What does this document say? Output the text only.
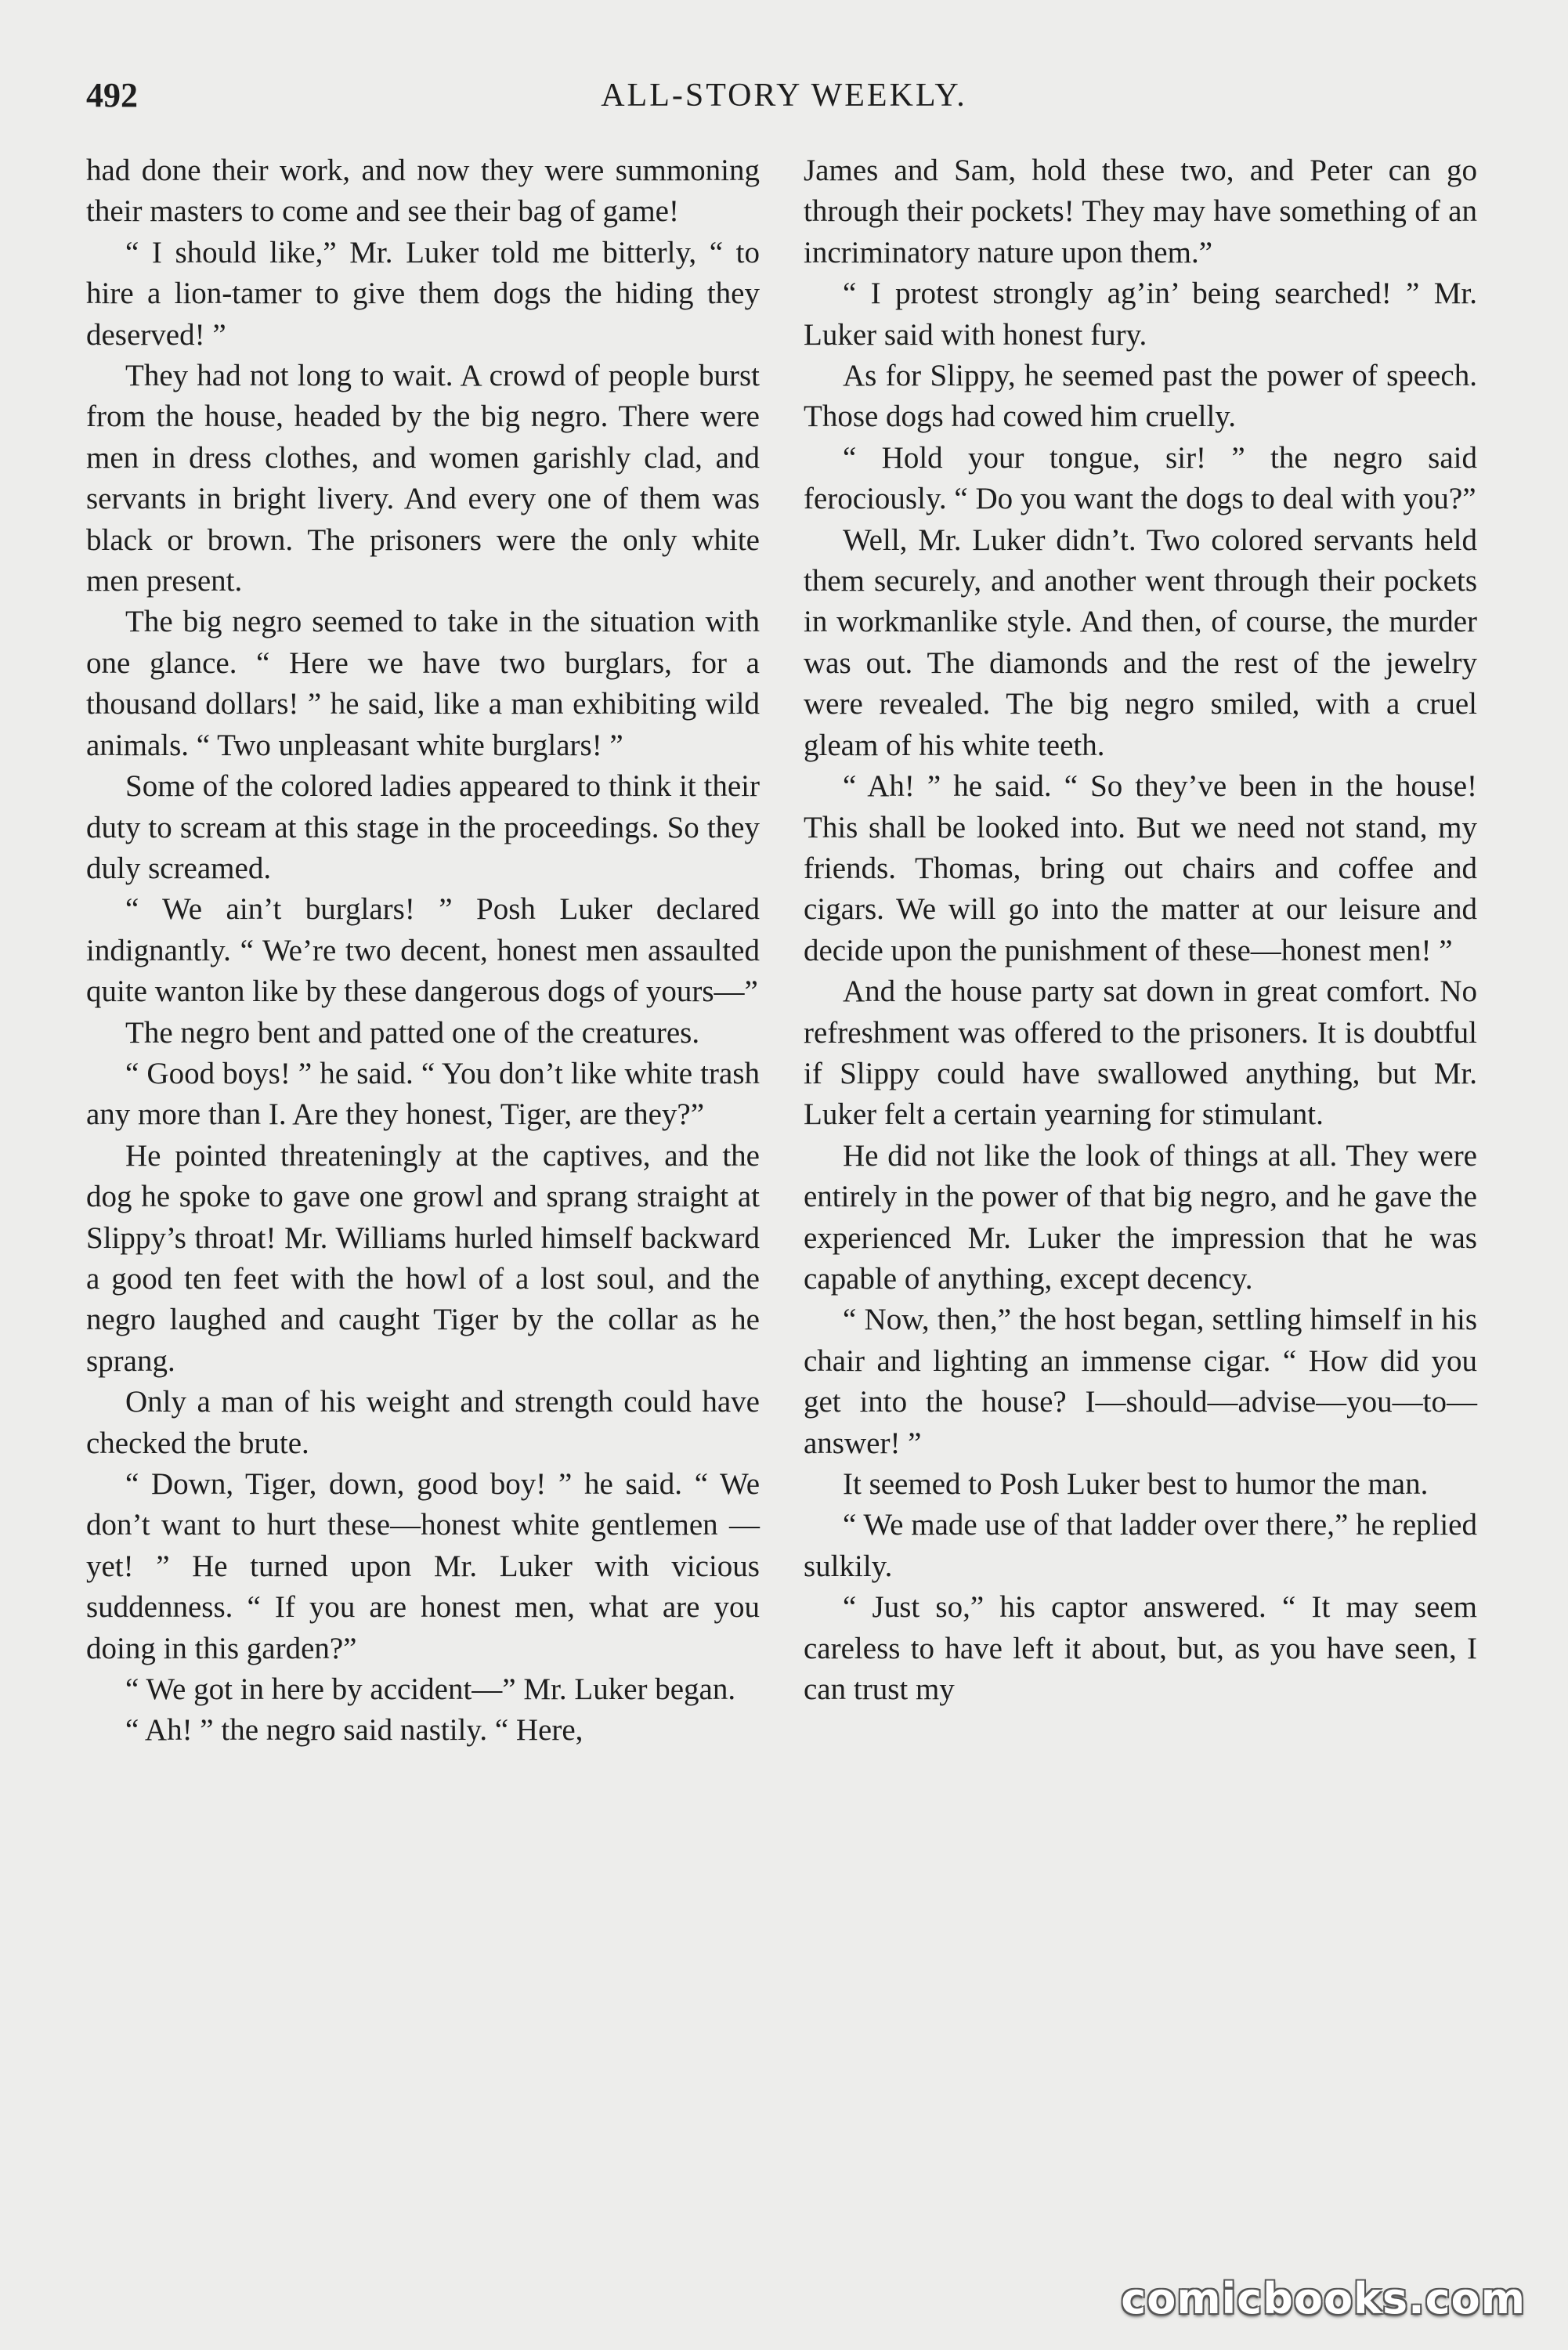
492	ALL-STORY WEEKLY.

had done their work, and now they were summoning their masters to come and see their bag of game!

“ I should like,” Mr. Luker told me bitterly, “ to hire a lion-tamer to give them dogs the hiding they deserved! ”

They had not long to wait. A crowd of people burst from the house, headed by the big negro. There were men in dress clothes, and women garishly clad, and servants in bright livery. And every one of them was black or brown. The prisoners were the only white men present.

The big negro seemed to take in the situation with one glance. “ Here we have two burglars, for a thousand dollars! ” he said, like a man exhibiting wild animals. “ Two unpleasant white burglars! ”

Some of the colored ladies appeared to think it their duty to scream at this stage in the proceedings. So they duly screamed.

“ We ain’t burglars! ” Posh Luker declared indignantly. “ We’re two decent, honest men assaulted quite wanton like by these dangerous dogs of yours—”

The negro bent and patted one of the creatures.

“ Good boys! ” he said. “ You don’t like white trash any more than I. Are they honest, Tiger, are they?”

He pointed threateningly at the captives, and the dog he spoke to gave one growl and sprang straight at Slippy’s throat! Mr. Williams hurled himself backward a good ten feet with the howl of a lost soul, and the negro laughed and caught Tiger by the collar as he sprang.

Only a man of his weight and strength could have checked the brute.

“ Down, Tiger, down, good boy! ” he said. “ We don’t want to hurt these—honest white gentlemen — yet! ” He turned upon Mr. Luker with vicious suddenness. “ If you are honest men, what are you doing in this garden?”

“ We got in here by accident—” Mr. Luker began.

“ Ah! ” the negro said nastily. “ Here,

James and Sam, hold these two, and Peter can go through their pockets! They may have something of an incriminatory nature upon them.”

“ I protest strongly ag’in’ being searched! ” Mr. Luker said with honest fury.

As for Slippy, he seemed past the power of speech. Those dogs had cowed him cruelly.

“ Hold your tongue, sir! ” the negro said ferociously. “ Do you want the dogs to deal with you?”

Well, Mr. Luker didn’t. Two colored servants held them securely, and another went through their pockets in workmanlike style. And then, of course, the murder was out. The diamonds and the rest of the jewelry were revealed. The big negro smiled, with a cruel gleam of his white teeth.

“ Ah! ” he said. “ So they’ve been in the house! This shall be looked into. But we need not stand, my friends. Thomas, bring out chairs and coffee and cigars. We will go into the matter at our leisure and decide upon the punishment of these—honest men! ”

And the house party sat down in great comfort. No refreshment was offered to the prisoners. It is doubtful if Slippy could have swallowed anything, but Mr. Luker felt a certain yearning for stimulant.

He did not like the look of things at all. They were entirely in the power of that big negro, and he gave the experienced Mr. Luker the impression that he was capable of anything, except decency.

“ Now, then,” the host began, settling himself in his chair and lighting an immense cigar. “ How did you get into the house? I—should—advise—you—to—answer! ”

It seemed to Posh Luker best to humor the man.

“ We made use of that ladder over there,” he replied sulkily.

“ Just so,” his captor answered. “ It may seem careless to have left it about, but, as you have seen, I can trust my

comicbooks.com
